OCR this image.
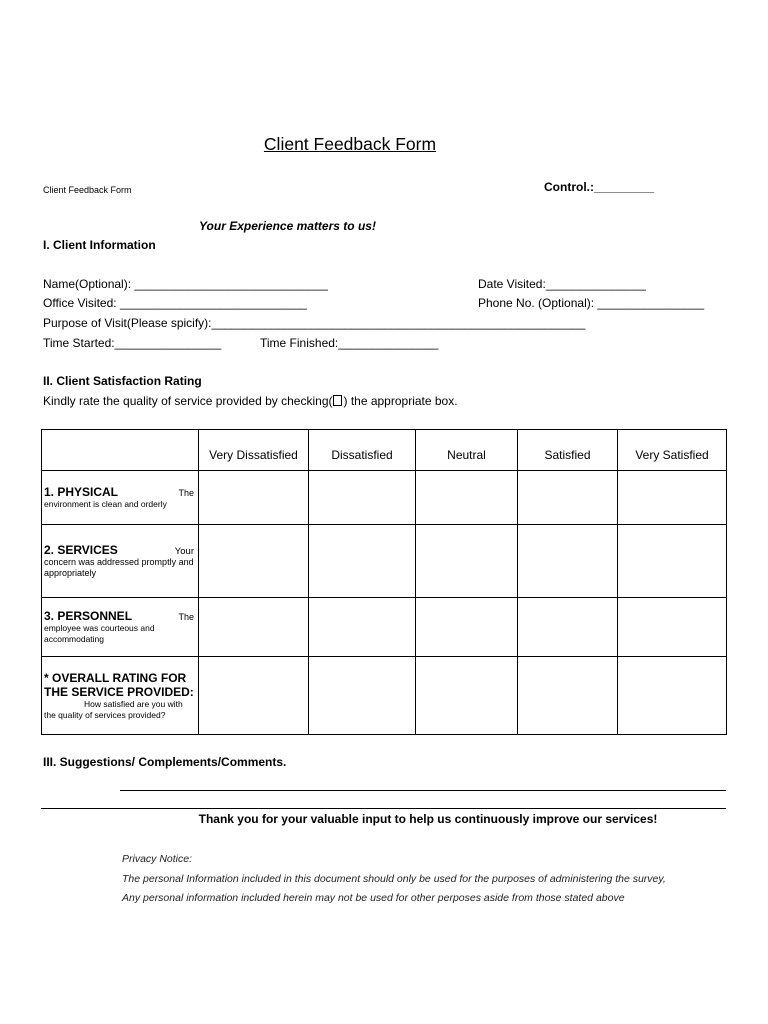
Client Feedback Form
Client Feedback Form	Control.:_________
Your Experience matters to us!
I. Client Information
Name(Optional): _____________________________	Date Visited:_______________
Office Visited: ____________________________	Phone No. (Optional): ________________
Purpose of Visit(Please spicify):________________________________________________________
Time Started:________________	Time Finished:_______________
II. Client Satisfaction Rating
Kindly rate the quality of service provided by checking( ) the appropriate box.
	Very Dissatisfied	Dissatisfied	Neutral	Satisfied	Very Satisfied

1. PHYSICAL The
environment is clean and orderly					

2. SERVICES Your
concern was addressed promptly and appropriately					

3. PERSONNEL The
employee was courteous and accommodating					

* OVERALL RATING FOR
THE SERVICE PROVIDED:
How satisfied are you with
the quality of services provided?					

III. Suggestions/ Complements/Comments.
Thank you for your valuable input to help us continuously improve our services!
Privacy Notice:
The personal Information included in this document should only be used for the purposes of administering the survey,
Any personal information included herein may not be used for other perposes aside from those stated above
